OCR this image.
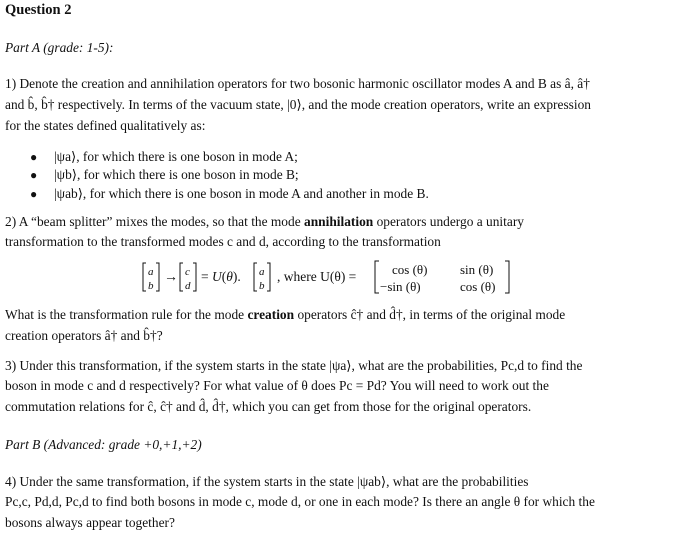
Question 2
Part A (grade: 1-5):
1) Denote the creation and annihilation operators for two bosonic harmonic oscillator modes A and B as â, â†
and b̂, b̂† respectively. In terms of the vacuum state, |0⟩, and the mode creation operators, write an expression
for the states defined qualitatively as:
●	|ψa⟩, for which there is one boson in mode A;
●	|ψb⟩, for which there is one boson in mode B;
●	|ψab⟩, for which there is one boson in mode A and another in mode B.
2) A “beam splitter” mixes the modes, so that the mode annihilation operators undergo a unitary
transformation to the transformed modes c and d, according to the transformation
a
b
→ c
d
= U(θ). a
b
, where U(θ) =	cos (θ)	sin (θ)
−sin (θ)	cos (θ)
What is the transformation rule for the mode creation operators ĉ† and d̂†, in terms of the original mode
creation operators â† and b̂†?
3) Under this transformation, if the system starts in the state |ψa⟩, what are the probabilities, Pc,d to find the
boson in mode c and d respectively? For what value of θ does Pc = Pd? You will need to work out the
commutation relations for ĉ, ĉ† and d̂, d̂†, which you can get from those for the original operators.
Part B (Advanced: grade +0,+1,+2)
4) Under the same transformation, if the system starts in the state |ψab⟩, what are the probabilities
Pc,c, Pd,d, Pc,d to find both bosons in mode c, mode d, or one in each mode? Is there an angle θ for which the
bosons always appear together?
